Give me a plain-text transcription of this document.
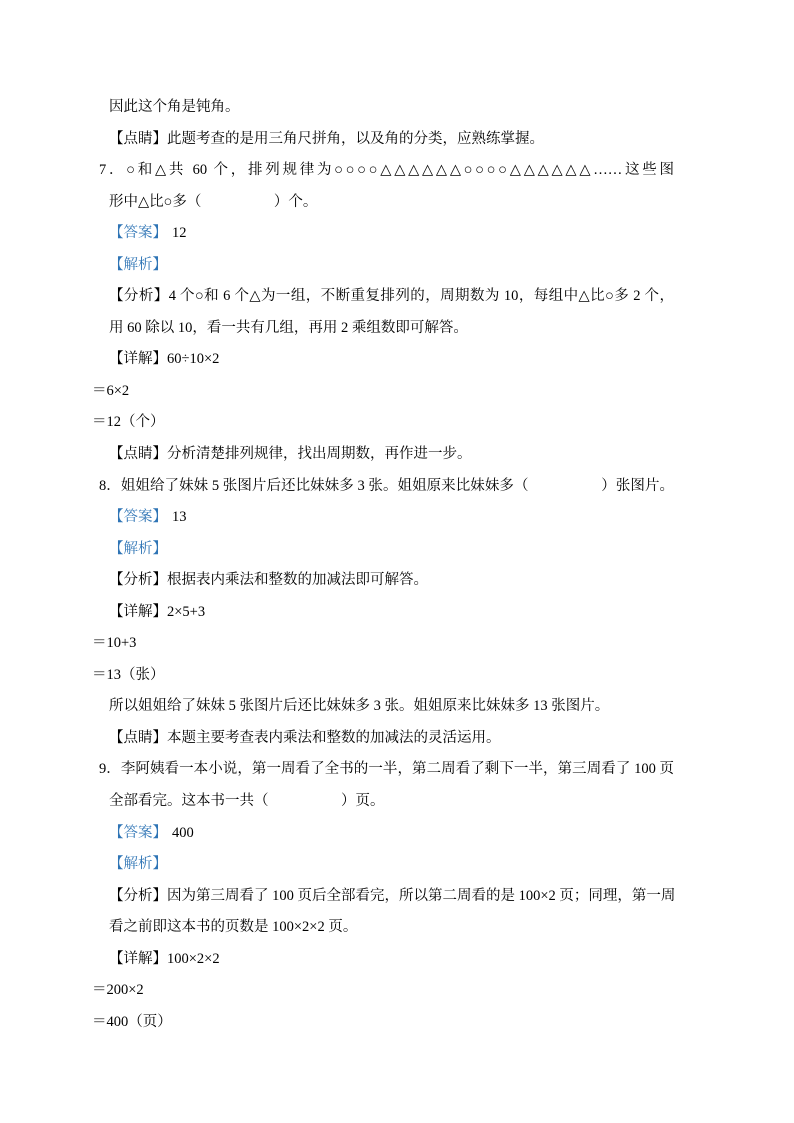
因此这个角是钝角。
【点睛】此题考查的是用三角尺拼角，以及角的分类，应熟练掌握。
7．○和△共 60 个，排列规律为○○○○△△△△△△○○○○△△△△△△……这些图
形中△比○多（　　　　　）个。
【答案】 12
【解析】
【分析】4 个○和 6 个△为一组，不断重复排列的，周期数为 10，每组中△比○多 2 个，
用 60 除以 10，看一共有几组，再用 2 乘组数即可解答。
【详解】60÷10×2
＝6×2
＝12（个）
【点睛】分析清楚排列规律，找出周期数，再作进一步。
8．姐姐给了妹妹 5 张图片后还比妹妹多 3 张。姐姐原来比妹妹多（　　　　　）张图片。
【答案】 13
【解析】
【分析】根据表内乘法和整数的加减法即可解答。
【详解】2×5+3
＝10+3
＝13（张）
所以姐姐给了妹妹 5 张图片后还比妹妹多 3 张。姐姐原来比妹妹多 13 张图片。
【点睛】本题主要考查表内乘法和整数的加减法的灵活运用。
9．李阿姨看一本小说，第一周看了全书的一半，第二周看了剩下一半，第三周看了 100 页
全部看完。这本书一共（　　　　　）页。
【答案】 400
【解析】
【分析】因为第三周看了 100 页后全部看完，所以第二周看的是 100×2 页；同理，第一周
看之前即这本书的页数是 100×2×2 页。
【详解】100×2×2
＝200×2
＝400（页）
